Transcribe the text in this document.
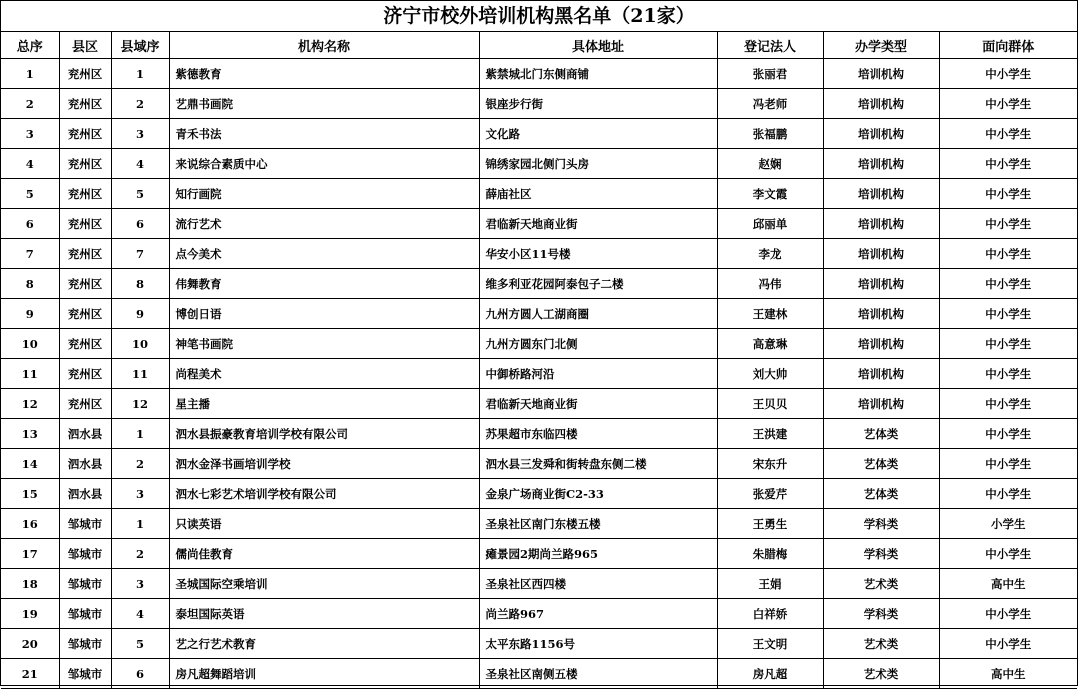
济宁市校外培训机构黑名单（21家）
总序	县区	县域序	机构名称	具体地址	登记法人	办学类型	面向群体
1	兖州区	1	紫德教育	紫禁城北门东侧商铺	张丽君	培训机构	中小学生
2	兖州区	2	艺鼎书画院	银座步行街	冯老师	培训机构	中小学生
3	兖州区	3	青禾书法	文化路	张福鹏	培训机构	中小学生
4	兖州区	4	来说综合素质中心	锦绣家园北侧门头房	赵娴	培训机构	中小学生
5	兖州区	5	知行画院	薛庙社区	李文霞	培训机构	中小学生
6	兖州区	6	流行艺术	君临新天地商业街	邱丽单	培训机构	中小学生
7	兖州区	7	点今美术	华安小区11号楼	李龙	培训机构	中小学生
8	兖州区	8	伟舞教育	维多利亚花园阿泰包子二楼	冯伟	培训机构	中小学生
9	兖州区	9	博创日语	九州方圆人工湖商圈	王建林	培训机构	中小学生
10	兖州区	10	神笔书画院	九州方圆东门北侧	高意琳	培训机构	中小学生
11	兖州区	11	尚程美术	中御桥路河沿	刘大帅	培训机构	中小学生
12	兖州区	12	星主播	君临新天地商业街	王贝贝	培训机构	中小学生
13	泗水县	1	泗水县振豪教育培训学校有限公司	苏果超市东临四楼	王洪建	艺体类	中小学生
14	泗水县	2	泗水金泽书画培训学校	泗水县三发舜和街转盘东侧二楼	宋东升	艺体类	中小学生
15	泗水县	3	泗水七彩艺术培训学校有限公司	金泉广场商业街C2-33	张爱芹	艺体类	中小学生
16	邹城市	1	只读英语	圣泉社区南门东楼五楼	王勇生	学科类	小学生
17	邹城市	2	儒尚佳教育	瘫景园2期尚兰路965	朱腊梅	学科类	中小学生
18	邹城市	3	圣城国际空乘培训	圣泉社区西四楼	王娟	艺术类	高中生
19	邹城市	4	泰坦国际英语	尚兰路967	白祥娇	学科类	中小学生
20	邹城市	5	艺之行艺术教育	太平东路1156号	王文明	艺术类	中小学生
21	邹城市	6	房凡超舞蹈培训	圣泉社区南侧五楼	房凡超	艺术类	高中生
